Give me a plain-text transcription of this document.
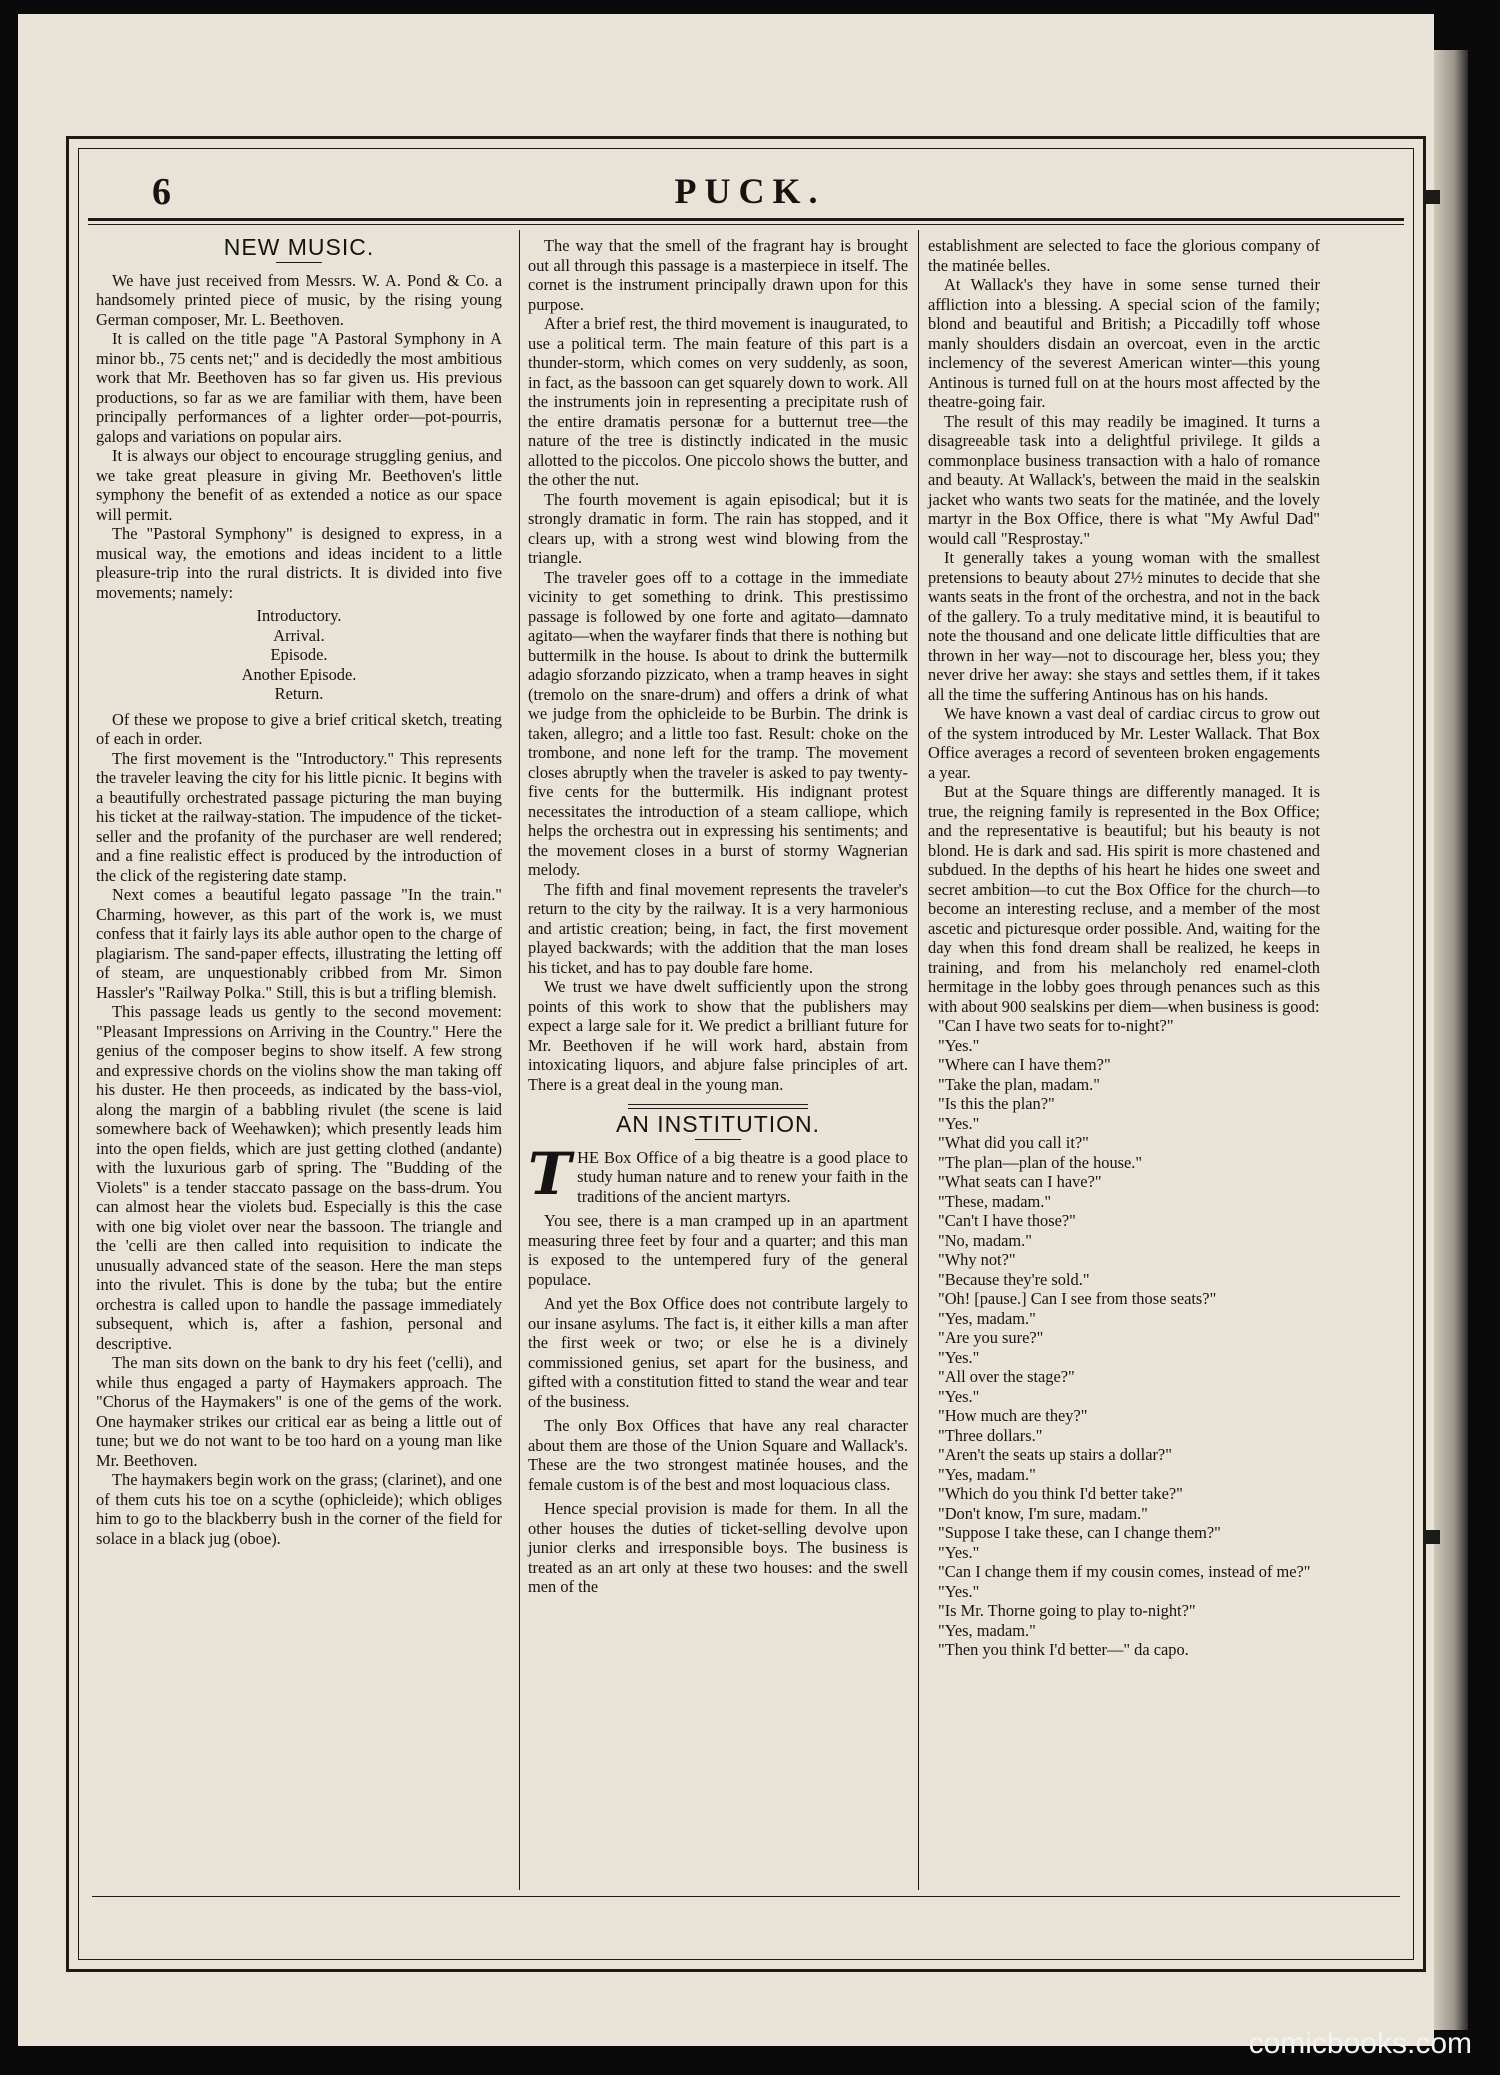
6	PUCK.
NEW MUSIC.

We have just received from Messrs. W. A. Pond & Co. a handsomely printed piece of music, by the rising young German composer, Mr. L. Beethoven.

It is called on the title page "A Pastoral Symphony in A minor bb., 75 cents net;" and is decidedly the most ambitious work that Mr. Beethoven has so far given us. His previous productions, so far as we are familiar with them, have been principally performances of a lighter order—pot-pourris, galops and variations on popular airs.

It is always our object to encourage struggling genius, and we take great pleasure in giving Mr. Beethoven's little symphony the benefit of as extended a notice as our space will permit.

The "Pastoral Symphony" is designed to express, in a musical way, the emotions and ideas incident to a little pleasure-trip into the rural districts. It is divided into five movements; namely:

Introductory.
Arrival.
Episode.
Another Episode.
Return.

Of these we propose to give a brief critical sketch, treating of each in order.

The first movement is the "Introductory." This represents the traveler leaving the city for his little picnic. It begins with a beautifully orchestrated passage picturing the man buying his ticket at the railway-station. The impudence of the ticket-seller and the profanity of the purchaser are well rendered; and a fine realistic effect is produced by the introduction of the click of the registering date stamp.

Next comes a beautiful legato passage "In the train." Charming, however, as this part of the work is, we must confess that it fairly lays its able author open to the charge of plagiarism. The sand-paper effects, illustrating the letting off of steam, are unquestionably cribbed from Mr. Simon Hassler's "Railway Polka." Still, this is but a trifling blemish.

This passage leads us gently to the second movement: "Pleasant Impressions on Arriving in the Country." Here the genius of the composer begins to show itself. A few strong and expressive chords on the violins show the man taking off his duster. He then proceeds, as indicated by the bass-viol, along the margin of a babbling rivulet (the scene is laid somewhere back of Weehawken); which presently leads him into the open fields, which are just getting clothed (andante) with the luxurious garb of spring. The "Budding of the Violets" is a tender staccato passage on the bass-drum. You can almost hear the violets bud. Especially is this the case with one big violet over near the bassoon. The triangle and the 'celli are then called into requisition to indicate the unusually advanced state of the season. Here the man steps into the rivulet. This is done by the tuba; but the entire orchestra is called upon to handle the passage immediately subsequent, which is, after a fashion, personal and descriptive.

The man sits down on the bank to dry his feet ('celli), and while thus engaged a party of Haymakers approach. The "Chorus of the Haymakers" is one of the gems of the work. One haymaker strikes our critical ear as being a little out of tune; but we do not want to be too hard on a young man like Mr. Beethoven.

The haymakers begin work on the grass; (clarinet), and one of them cuts his toe on a scythe (ophicleide); which obliges him to go to the blackberry bush in the corner of the field for solace in a black jug (oboe).

The way that the smell of the fragrant hay is brought out all through this passage is a masterpiece in itself. The cornet is the instrument principally drawn upon for this purpose.

After a brief rest, the third movement is inaugurated, to use a political term. The main feature of this part is a thunder-storm, which comes on very suddenly, as soon, in fact, as the bassoon can get squarely down to work. All the instruments join in representing a precipitate rush of the entire dramatis personæ for a butternut tree—the nature of the tree is distinctly indicated in the music allotted to the piccolos. One piccolo shows the butter, and the other the nut.

The fourth movement is again episodical; but it is strongly dramatic in form. The rain has stopped, and it clears up, with a strong west wind blowing from the triangle.

The traveler goes off to a cottage in the immediate vicinity to get something to drink. This prestissimo passage is followed by one forte and agitato—damnato agitato—when the wayfarer finds that there is nothing but buttermilk in the house. Is about to drink the buttermilk adagio sforzando pizzicato, when a tramp heaves in sight (tremolo on the snare-drum) and offers a drink of what we judge from the ophicleide to be Burbin. The drink is taken, allegro; and a little too fast. Result: choke on the trombone, and none left for the tramp. The movement closes abruptly when the traveler is asked to pay twenty-five cents for the buttermilk. His indignant protest necessitates the introduction of a steam calliope, which helps the orchestra out in expressing his sentiments; and the movement closes in a burst of stormy Wagnerian melody.

The fifth and final movement represents the traveler's return to the city by the railway. It is a very harmonious and artistic creation; being, in fact, the first movement played backwards; with the addition that the man loses his ticket, and has to pay double fare home.

We trust we have dwelt sufficiently upon the strong points of this work to show that the publishers may expect a large sale for it. We predict a brilliant future for Mr. Beethoven if he will work hard, abstain from intoxicating liquors, and abjure false principles of art. There is a great deal in the young man.

AN INSTITUTION.

THE Box Office of a big theatre is a good place to study human nature and to renew your faith in the traditions of the ancient martyrs.

You see, there is a man cramped up in an apartment measuring three feet by four and a quarter; and this man is exposed to the untempered fury of the general populace.

And yet the Box Office does not contribute largely to our insane asylums. The fact is, it either kills a man after the first week or two; or else he is a divinely commissioned genius, set apart for the business, and gifted with a constitution fitted to stand the wear and tear of the business.

The only Box Offices that have any real character about them are those of the Union Square and Wallack's. These are the two strongest matinée houses, and the female custom is of the best and most loquacious class.

Hence special provision is made for them. In all the other houses the duties of ticket-selling devolve upon junior clerks and irresponsible boys. The business is treated as an art only at these two houses: and the swell men of the

establishment are selected to face the glorious company of the matinée belles.

At Wallack's they have in some sense turned their affliction into a blessing. A special scion of the family; blond and beautiful and British; a Piccadilly toff whose manly shoulders disdain an overcoat, even in the arctic inclemency of the severest American winter—this young Antinous is turned full on at the hours most affected by the theatre-going fair.

The result of this may readily be imagined. It turns a disagreeable task into a delightful privilege. It gilds a commonplace business transaction with a halo of romance and beauty. At Wallack's, between the maid in the sealskin jacket who wants two seats for the matinée, and the lovely martyr in the Box Office, there is what "My Awful Dad" would call "Resprostay."

It generally takes a young woman with the smallest pretensions to beauty about 27½ minutes to decide that she wants seats in the front of the orchestra, and not in the back of the gallery. To a truly meditative mind, it is beautiful to note the thousand and one delicate little difficulties that are thrown in her way—not to discourage her, bless you; they never drive her away: she stays and settles them, if it takes all the time the suffering Antinous has on his hands.

We have known a vast deal of cardiac circus to grow out of the system introduced by Mr. Lester Wallack. That Box Office averages a record of seventeen broken engagements a year.

But at the Square things are differently managed. It is true, the reigning family is represented in the Box Office; and the representative is beautiful; but his beauty is not blond. He is dark and sad. His spirit is more chastened and subdued. In the depths of his heart he hides one sweet and secret ambition—to cut the Box Office for the church—to become an interesting recluse, and a member of the most ascetic and picturesque order possible. And, waiting for the day when this fond dream shall be realized, he keeps in training, and from his melancholy red enamel-cloth hermitage in the lobby goes through penances such as this with about 900 sealskins per diem—when business is good:

"Can I have two seats for to-night?"

"Yes."

"Where can I have them?"

"Take the plan, madam."

"Is this the plan?"

"Yes."

"What did you call it?"

"The plan—plan of the house."

"What seats can I have?"

"These, madam."

"Can't I have those?"

"No, madam."

"Why not?"

"Because they're sold."

"Oh! [pause.] Can I see from those seats?"

"Yes, madam."

"Are you sure?"

"Yes."

"All over the stage?"

"Yes."

"How much are they?"

"Three dollars."

"Aren't the seats up stairs a dollar?"

"Yes, madam."

"Which do you think I'd better take?"

"Don't know, I'm sure, madam."

"Suppose I take these, can I change them?"

"Yes."

"Can I change them if my cousin comes, instead of me?"

"Yes."

"Is Mr. Thorne going to play to-night?"

"Yes, madam."

"Then you think I'd better—" da capo.

comicbooks.com
